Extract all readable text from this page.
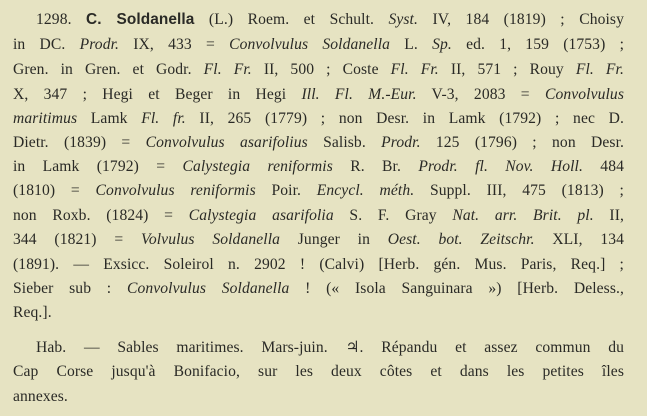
1298. C. Soldanella (L.) Roem. et Schult. Syst. IV, 184 (1819) ; Choisy
in DC. Prodr. IX, 433 = Convolvulus Soldanella L. Sp. ed. 1, 159 (1753) ;
Gren. in Gren. et Godr. Fl. Fr. II, 500 ; Coste Fl. Fr. II, 571 ; Rouy Fl. Fr.
X, 347 ; Hegi et Beger in Hegi Ill. Fl. M.-Eur. V-3, 2083 = Convolvulus
maritimus Lamk Fl. fr. II, 265 (1779) ; non Desr. in Lamk (1792) ; nec D.
Dietr. (1839) = Convolvulus asarifolius Salisb. Prodr. 125 (1796) ; non Desr.
in Lamk (1792) = Calystegia reniformis R. Br. Prodr. fl. Nov. Holl. 484
(1810) = Convolvulus reniformis Poir. Encycl. méth. Suppl. III, 475 (1813) ;
non Roxb. (1824) = Calystegia asarifolia S. F. Gray Nat. arr. Brit. pl. II,
344 (1821) = Volvulus Soldanella Junger in Oest. bot. Zeitschr. XLI, 134
(1891). — Exsicc. Soleirol n. 2902 ! (Calvi) [Herb. gén. Mus. Paris, Req.] ;
Sieber sub : Convolvulus Soldanella ! (« Isola Sanguinara ») [Herb. Deless.,
Req.].
Hab. — Sables maritimes. Mars-juin. ♃. Répandu et assez commun du
Cap Corse jusqu'à Bonifacio, sur les deux côtes et dans les petites îles
annexes.
